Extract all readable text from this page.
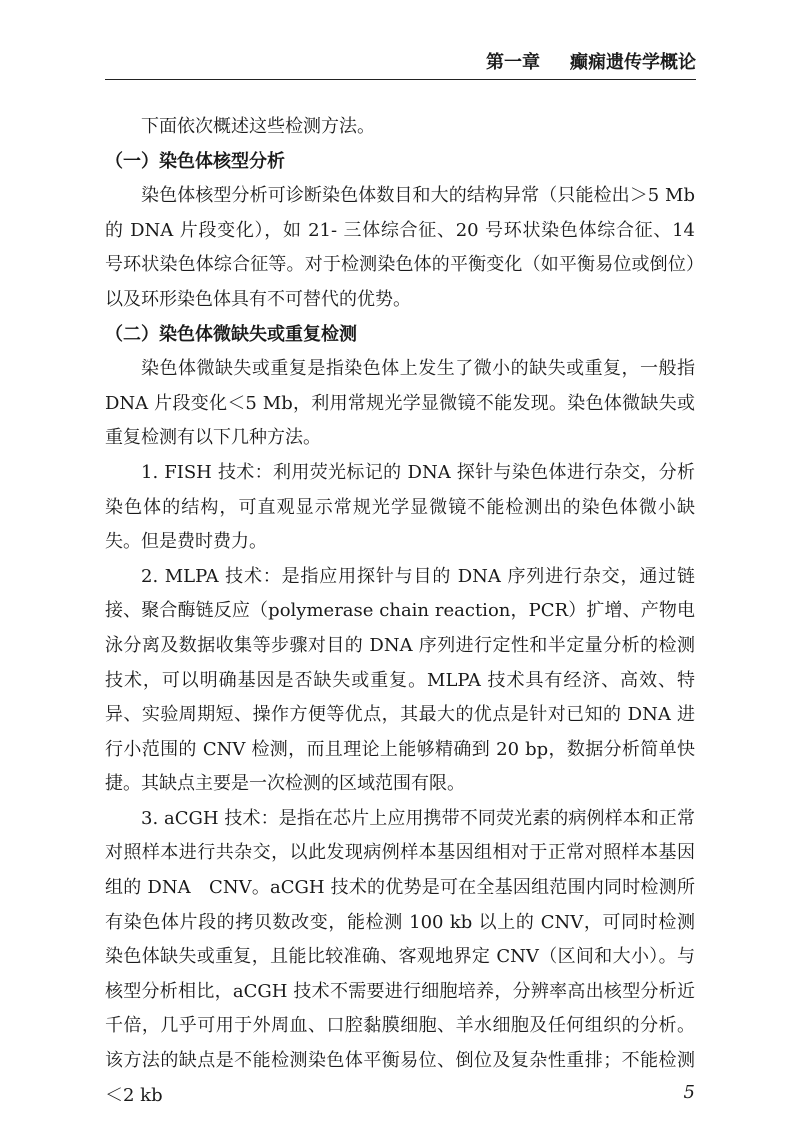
第一章 癫痫遗传学概论

下面依次概述这些检测方法。

（一）染色体核型分析

染色体核型分析可诊断染色体数目和大的结构异常（只能检出＞5 Mb 的 DNA 片段变化），如 21- 三体综合征、20 号环状染色体综合征、14 号环状染色体综合征等。对于检测染色体的平衡变化（如平衡易位或倒位）以及环形染色体具有不可替代的优势。

（二）染色体微缺失或重复检测

染色体微缺失或重复是指染色体上发生了微小的缺失或重复，一般指 DNA 片段变化＜5 Mb，利用常规光学显微镜不能发现。染色体微缺失或重复检测有以下几种方法。

1. FISH 技术：利用荧光标记的 DNA 探针与染色体进行杂交，分析染色体的结构，可直观显示常规光学显微镜不能检测出的染色体微小缺失。但是费时费力。

2. MLPA 技术：是指应用探针与目的 DNA 序列进行杂交，通过链接、聚合酶链反应（polymerase chain reaction，PCR）扩增、产物电泳分离及数据收集等步骤对目的 DNA 序列进行定性和半定量分析的检测技术，可以明确基因是否缺失或重复。MLPA 技术具有经济、高效、特异、实验周期短、操作方便等优点，其最大的优点是针对已知的 DNA 进行小范围的 CNV 检测，而且理论上能够精确到 20 bp，数据分析简单快捷。其缺点主要是一次检测的区域范围有限。

3. aCGH 技术：是指在芯片上应用携带不同荧光素的病例样本和正常对照样本进行共杂交，以此发现病例样本基因组相对于正常对照样本基因组的 DNA　CNV。aCGH 技术的优势是可在全基因组范围内同时检测所有染色体片段的拷贝数改变，能检测 100 kb 以上的 CNV，可同时检测染色体缺失或重复，且能比较准确、客观地界定 CNV（区间和大小）。与核型分析相比，aCGH 技术不需要进行细胞培养，分辨率高出核型分析近千倍，几乎可用于外周血、口腔黏膜细胞、羊水细胞及任何组织的分析。该方法的缺点是不能检测染色体平衡易位、倒位及复杂性重排；不能检测＜2 kb	5
